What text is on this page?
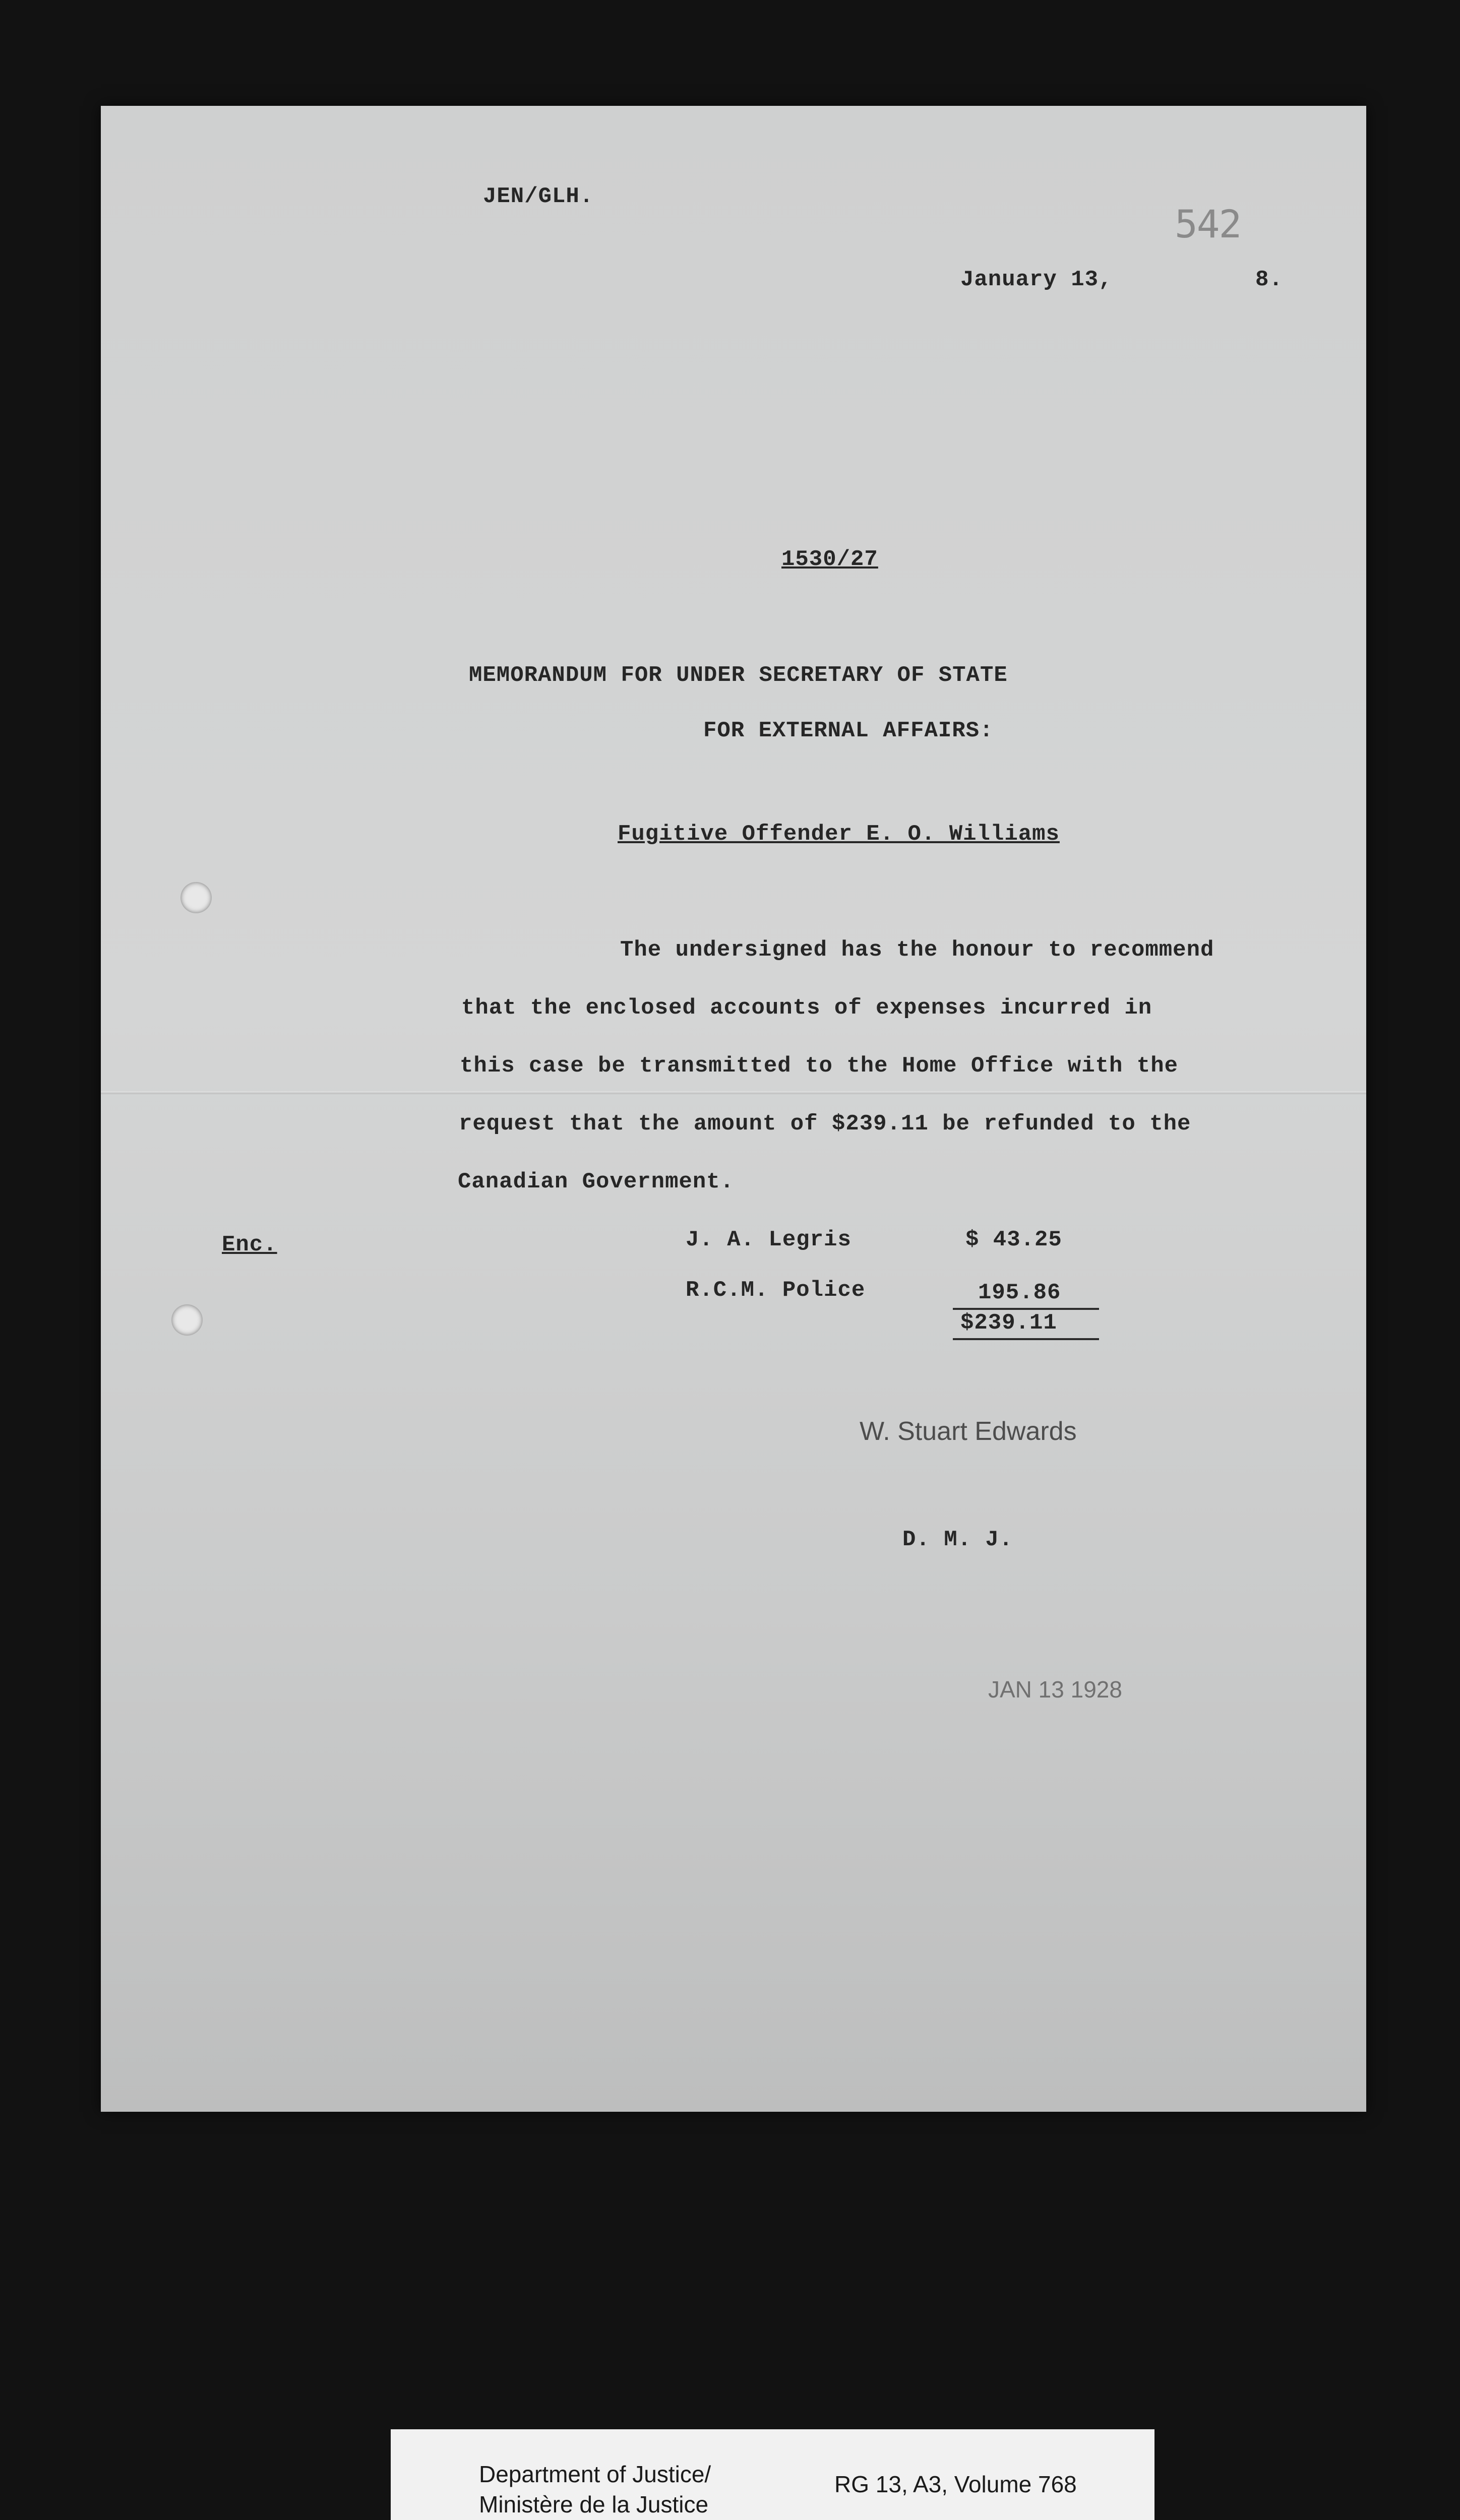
JEN/GLH.
542
January 13,	8.
1530/27
MEMORANDUM FOR UNDER SECRETARY OF STATE
FOR EXTERNAL AFFAIRS:
Fugitive Offender E. O. Williams
The undersigned has the honour to recommend
that the enclosed accounts of expenses incurred in
this case be transmitted to the Home Office with the
request that the amount of $239.11 be refunded to the
Canadian Government.
Enc.	J. A. Legris	$ 43.25
R.C.M. Police	195.86
$239.11
W. Stuart Edwards
D. M. J.
JAN 13 1928
Department of Justice/
Ministère de la Justice
RG 13, A3, Volume 768
